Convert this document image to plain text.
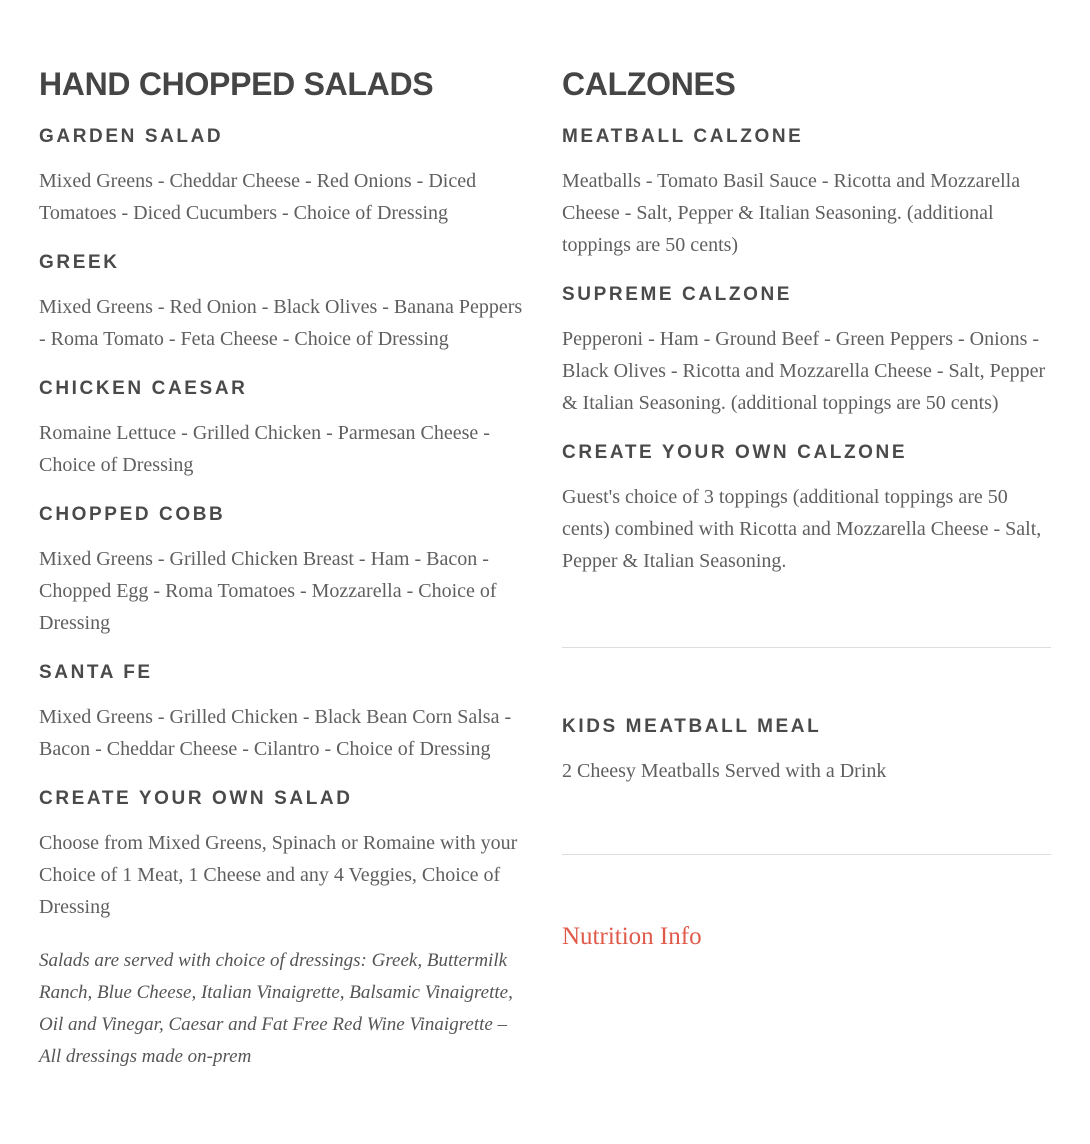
HAND CHOPPED SALADS
GARDEN SALAD

Mixed Greens - Cheddar Cheese - Red Onions - Diced Tomatoes - Diced Cucumbers - Choice of Dressing

GREEK

Mixed Greens - Red Onion - Black Olives - Banana Peppers - Roma Tomato - Feta Cheese - Choice of Dressing

CHICKEN CAESAR

Romaine Lettuce - Grilled Chicken - Parmesan Cheese - Choice of Dressing

CHOPPED COBB

Mixed Greens - Grilled Chicken Breast - Ham - Bacon - Chopped Egg - Roma Tomatoes - Mozzarella - Choice of Dressing

SANTA FE

Mixed Greens - Grilled Chicken - Black Bean Corn Salsa - Bacon - Cheddar Cheese - Cilantro - Choice of Dressing

CREATE YOUR OWN SALAD

Choose from Mixed Greens, Spinach or Romaine with your Choice of 1 Meat, 1 Cheese and any 4 Veggies, Choice of Dressing

Salads are served with choice of dressings: Greek, Buttermilk Ranch, Blue Cheese, Italian Vinaigrette, Balsamic Vinaigrette, Oil and Vinegar, Caesar and Fat Free Red Wine Vinaigrette – All dressings made on-prem

CALZONES
MEATBALL CALZONE

Meatballs - Tomato Basil Sauce - Ricotta and Mozzarella Cheese - Salt, Pepper & Italian Seasoning. (additional toppings are 50 cents)

SUPREME CALZONE

Pepperoni - Ham - Ground Beef - Green Peppers - Onions - Black Olives - Ricotta and Mozzarella Cheese - Salt, Pepper & Italian Seasoning. (additional toppings are 50 cents)

CREATE YOUR OWN CALZONE

Guest's choice of 3 toppings (additional toppings are 50 cents) combined with Ricotta and Mozzarella Cheese - Salt, Pepper & Italian Seasoning.

KIDS MEATBALL MEAL

2 Cheesy Meatballs Served with a Drink

Nutrition Info
